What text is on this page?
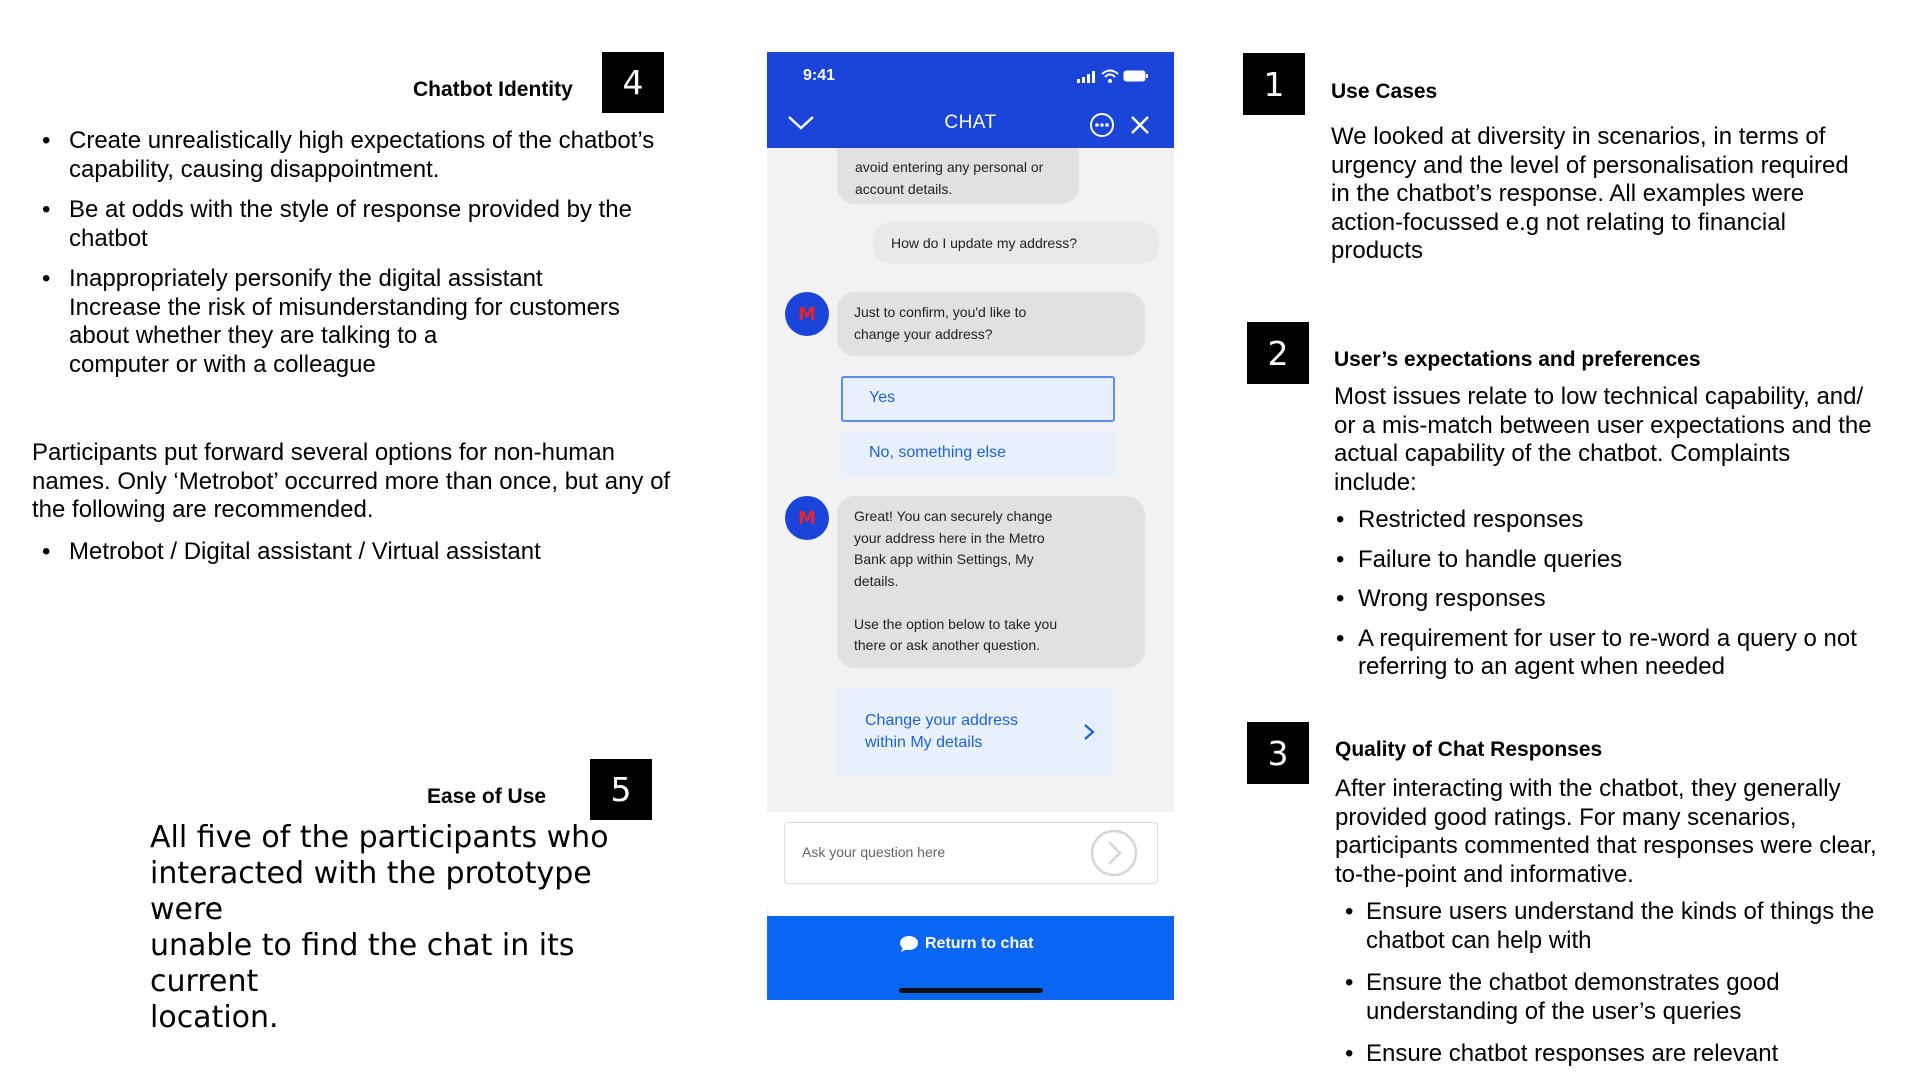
Chatbot Identity	4
• Create unrealistically high expectations of the chatbot’s
capability, causing disappointment.
• Be at odds with the style of response provided by the
chatbot
• Inappropriately personify the digital assistant
Increase the risk of misunderstanding for customers
about whether they are talking to a
computer or with a colleague
Participants put forward several options for non-human
names. Only ‘Metrobot’ occurred more than once, but any of
the following are recommended.
• Metrobot / Digital assistant / Virtual assistant
Ease of Use	5
All five of the participants who
interacted with the prototype were
unable to find the chat in its current
location.
9:41
CHAT
avoid entering any personal or
account details.
How do I update my address?
M	Just to confirm, you'd like to
change your address?
Yes
No, something else
M	Great! You can securely change
your address here in the Metro
Bank app within Settings, My
details.
Use the option below to take you
there or ask another question.
Change your address
within My details
Ask your question here
Return to chat
1	Use Cases
We looked at diversity in scenarios, in terms of
urgency and the level of personalisation required
in the chatbot’s response. All examples were
action-focussed e.g not relating to financial
products
2	User’s expectations and preferences
Most issues relate to low technical capability, and/
or a mis-match between user expectations and the
actual capability of the chatbot. Complaints
include:
• Restricted responses
• Failure to handle queries
• Wrong responses
• A requirement for user to re-word a query o not
referring to an agent when needed
3	Quality of Chat Responses
After interacting with the chatbot, they generally
provided good ratings. For many scenarios,
participants commented that responses were clear,
to-the-point and informative.
• Ensure users understand the kinds of things the
chatbot can help with
• Ensure the chatbot demonstrates good
understanding of the user’s queries
• Ensure chatbot responses are relevant
